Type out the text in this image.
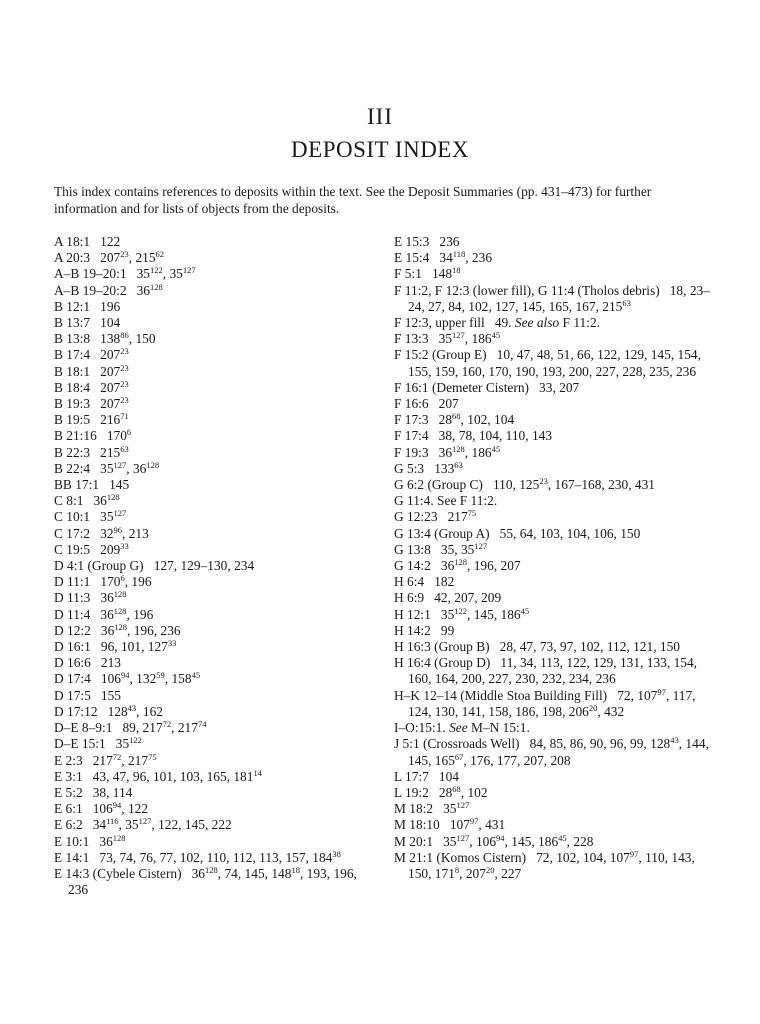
III
DEPOSIT INDEX
This index contains references to deposits within the text. See the Deposit Summaries (pp. 431–473) for further information and for lists of objects from the deposits.
A 18:1  122
A 20:3  $207^{23}$, $215^{62}$
A–B 19–20:1  $35^{122}$, $35^{127}$
A–B 19–20:2  $36^{128}$
B 12:1  196
B 13:7  104
B 13:8  $138^{86}$, 150
B 17:4  $207^{23}$
B 18:1  $207^{23}$
B 18:4  $207^{23}$
B 19:3  $207^{23}$
B 19:5  $216^{71}$
B 21:16  $170^6$
B 22:3  $215^{63}$
B 22:4  $35^{127}$, $36^{128}$
BB 17:1  145
C 8:1  $36^{128}$
C 10:1  $35^{127}$
C 17:2  $32^{96}$, 213
C 19:5  $209^{33}$
D 4:1 (Group G)  127, 129–130, 234
D 11:1  $170^6$, 196
D 11:3  $36^{128}$
D 11:4  $36^{128}$, 196
D 12:2  $36^{128}$, 196, 236
D 16:1  96, 101, $127^{33}$
D 16:6  213
D 17:4  $106^{94}$, $132^{59}$, $158^{45}$
D 17:5  155
D 17:12  $128^{43}$, 162
D–E 8–9:1  89, $217^{72}$, $217^{74}$
D–E 15:1  $35^{122}$
E 2:3  $217^{72}$, $217^{75}$
E 3:1  43, 47, 96, 101, 103, 165, $181^{14}$
E 5:2  38, 114
E 6:1  $106^{94}$, 122
E 6:2  $34^{116}$, $35^{127}$, 122, 145, 222
E 10:1  $36^{128}$
E 14:1  73, 74, 76, 77, 102, 110, 112, 113, 157, $184^{38}$
E 14:3 (Cybele Cistern)  $36^{128}$, 74, 145, $148^{18}$, 193, 196, 236
E 15:3  236
E 15:4  $34^{118}$, 236
F 5:1  $148^{18}$
F 11:2, F 12:3 (lower fill), G 11:4 (Tholos debris)  18, 23–24, 27, 84, 102, 127, 145, 165, 167, $215^{63}$
F 12:3, upper fill  49. See also F 11:2.
F 13:3  $35^{127}$, $186^{45}$
F 15:2 (Group E)  10, 47, 48, 51, 66, 122, 129, 145, 154, 155, 159, 160, 170, 190, 193, 200, 227, 228, 235, 236
F 16:1 (Demeter Cistern)  33, 207
F 16:6  207
F 17:3  $28^{68}$, 102, 104
F 17:4  38, 78, 104, 110, 143
F 19:3  $36^{128}$, $186^{45}$
G 5:3  $133^{63}$
G 6:2 (Group C)  110, $125^{23}$, 167–168, 230, 431
G 11:4. See F 11:2.
G 12:23  $217^{75}$
G 13:4 (Group A)  55, 64, 103, 104, 106, 150
G 13:8  35, $35^{127}$
G 14:2  $36^{128}$, 196, 207
H 6:4  182
H 6:9  42, 207, 209
H 12:1  $35^{122}$, 145, $186^{45}$
H 14:2  99
H 16:3 (Group B)  28, 47, 73, 97, 102, 112, 121, 150
H 16:4 (Group D)  11, 34, 113, 122, 129, 131, 133, 154, 160, 164, 200, 227, 230, 232, 234, 236
H–K 12–14 (Middle Stoa Building Fill)  72, $107^{97}$, 117, 124, 130, 141, 158, 186, 198, $206^{20}$, 432
I–O:15:1. See M–N 15:1.
J 5:1 (Crossroads Well)  84, 85, 86, 90, 96, 99, $128^{43}$, 144, 145, $165^{67}$, 176, 177, 207, 208
L 17:7  104
L 19:2  $28^{68}$, 102
M 18:2  $35^{127}$
M 18:10  $107^{97}$, 431
M 20:1  $35^{127}$, $106^{94}$, 145, $186^{45}$, 228
M 21:1 (Komos Cistern)  72, 102, 104, $107^{97}$, 110, 143, 150, $171^8$, $207^{20}$, 227
